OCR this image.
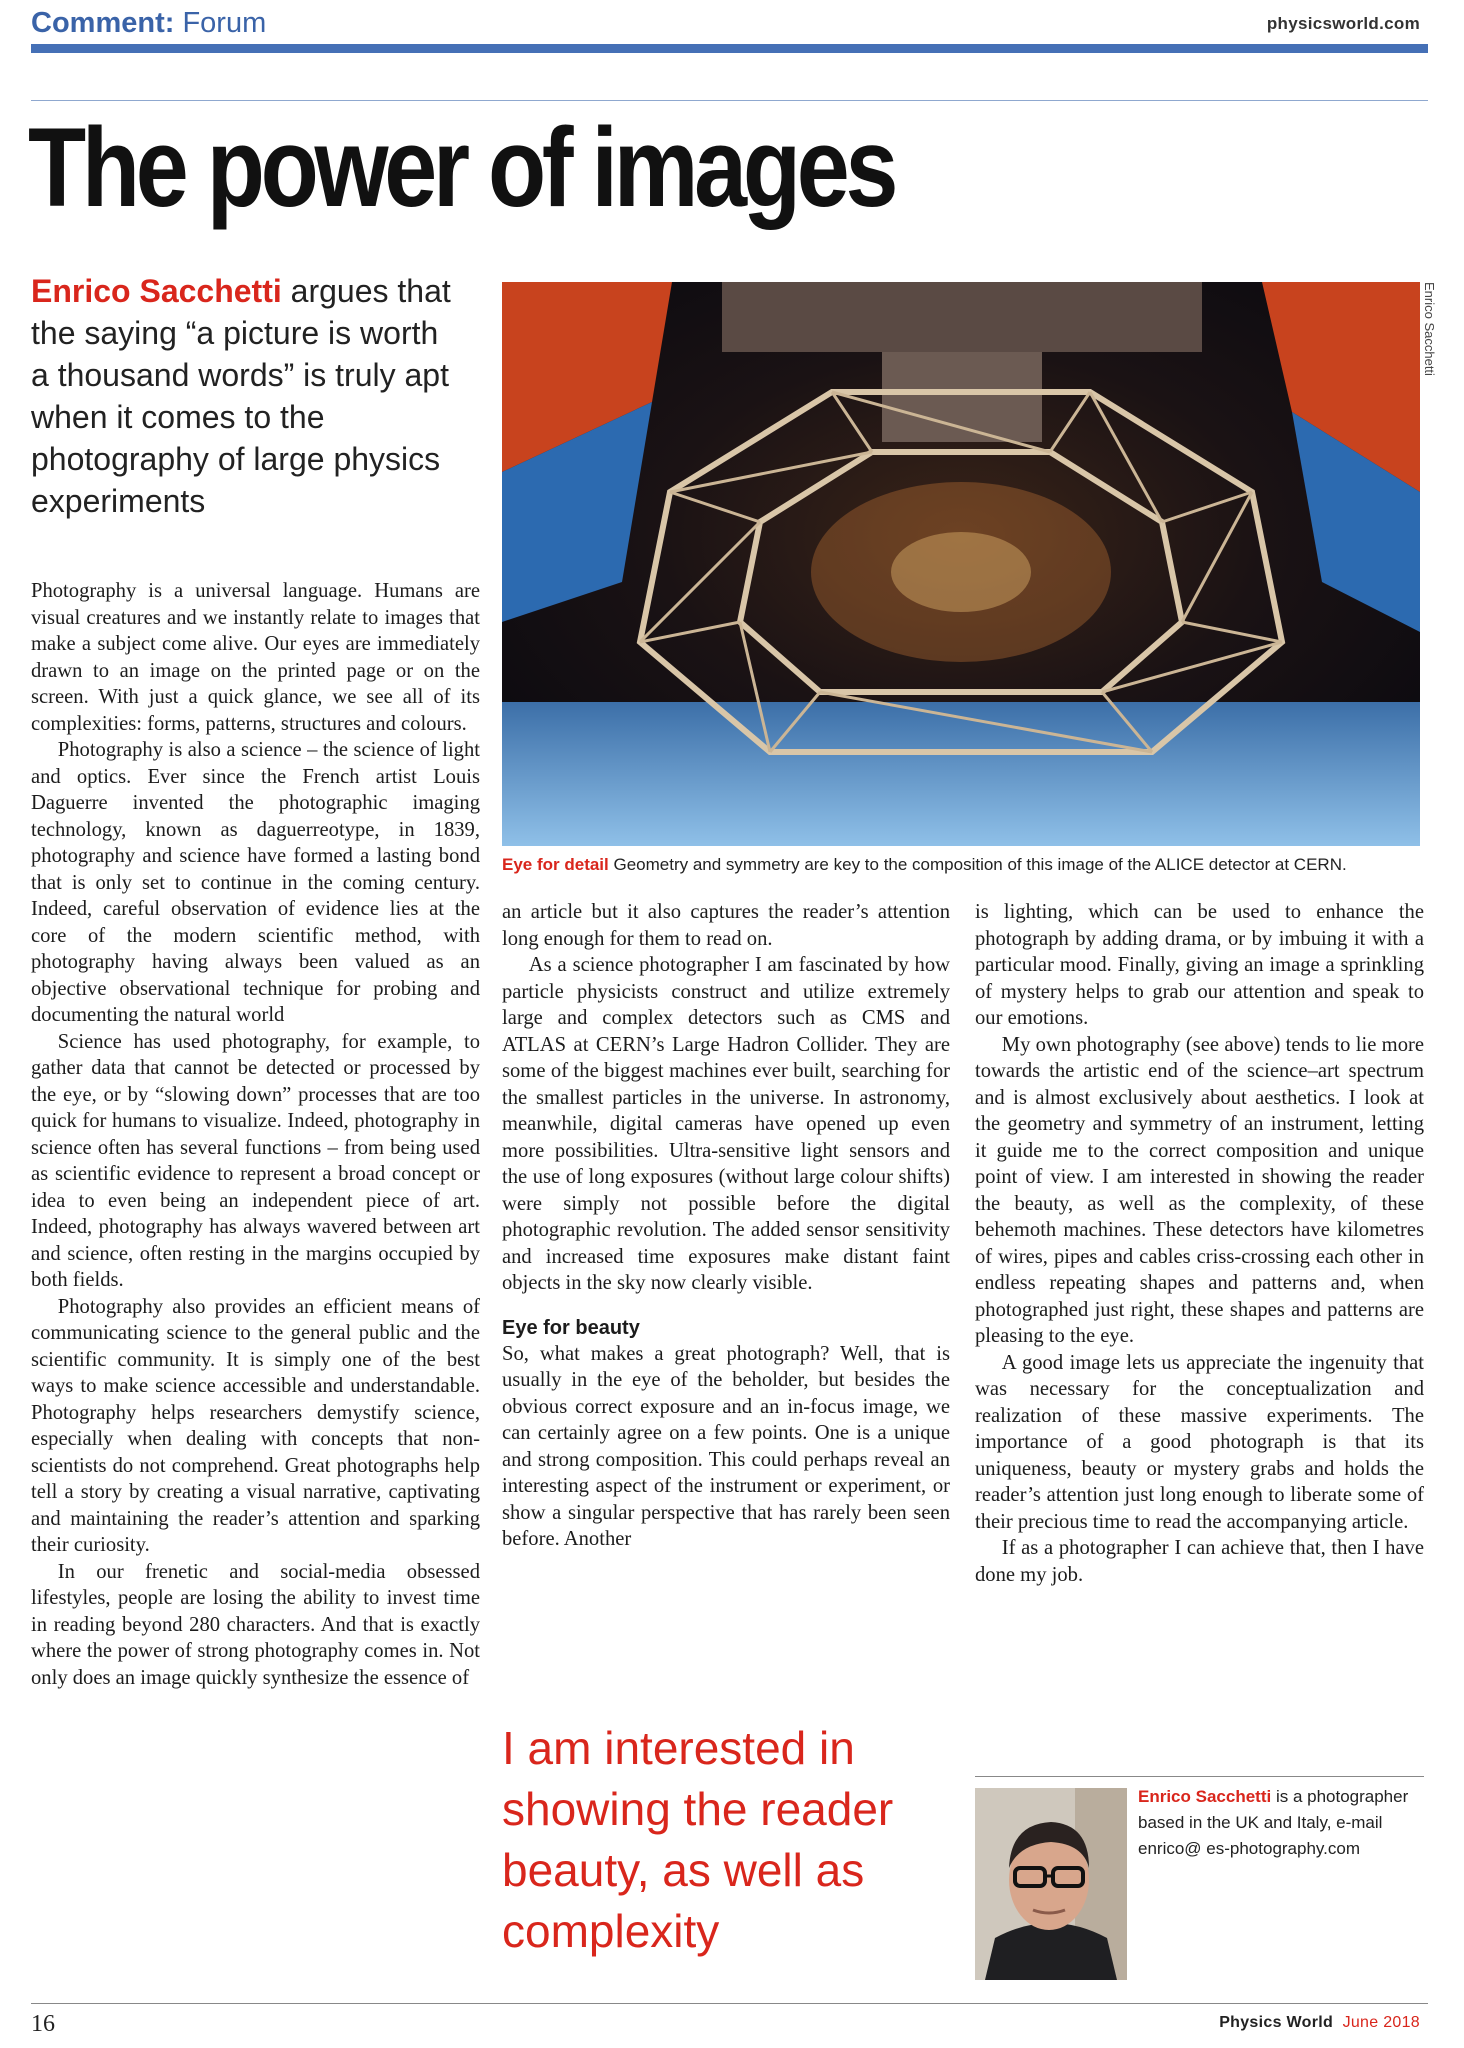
Comment: Forum	physicsworld.com
The power of images
Enrico Sacchetti argues that the saying “a picture is worth a thousand words” is truly apt when it comes to the photography of large physics experiments
Enrico Sacchetti
Eye for detail Geometry and symmetry are key to the composition of this image of the ALICE detector at CERN.

Photography is a universal language. Humans are visual creatures and we instantly relate to images that make a subject come alive. Our eyes are immediately drawn to an image on the printed page or on the screen. With just a quick glance, we see all of its complexities: forms, patterns, structures and colours.

Photography is also a science – the science of light and optics. Ever since the French artist Louis Daguerre invented the photographic imaging technology, known as daguerreotype, in 1839, photography and science have formed a lasting bond that is only set to continue in the coming century. Indeed, careful observation of evidence lies at the core of the modern scientific method, with photography having always been valued as an objective observational technique for probing and documenting the natural world

Science has used photography, for example, to gather data that cannot be detected or processed by the eye, or by “slowing down” processes that are too quick for humans to visualize. Indeed, photography in science often has several functions – from being used as scientific evidence to represent a broad concept or idea to even being an independent piece of art. Indeed, photography has always wavered between art and science, often resting in the margins occupied by both fields.

Photography also provides an efficient means of communicating science to the general public and the scientific community. It is simply one of the best ways to make science accessible and understandable. Photography helps researchers demystify science, especially when dealing with concepts that non-scientists do not comprehend. Great photographs help tell a story by creating a visual narrative, captivating and maintaining the reader’s attention and sparking their curiosity.

In our frenetic and social-media obsessed lifestyles, people are losing the ability to invest time in reading beyond 280 characters. And that is exactly where the power of strong photography comes in. Not only does an image quickly synthesize the essence of

an article but it also captures the reader’s attention long enough for them to read on.

As a science photographer I am fascinated by how particle physicists construct and utilize extremely large and complex detectors such as CMS and ATLAS at CERN’s Large Hadron Collider. They are some of the biggest machines ever built, searching for the smallest particles in the universe. In astronomy, meanwhile, digital cameras have opened up even more possibilities. Ultra-sensitive light sensors and the use of long exposures (without large colour shifts) were simply not possible before the digital photographic revolution. The added sensor sensitivity and increased time exposures make distant faint objects in the sky now clearly visible.

Eye for beauty

So, what makes a great photograph? Well, that is usually in the eye of the beholder, but besides the obvious correct exposure and an in-focus image, we can certainly agree on a few points. One is a unique and strong composition. This could perhaps reveal an interesting aspect of the instrument or experiment, or show a singular perspective that has rarely been seen before. Another

I am interested in showing the reader beauty, as well as complexity

is lighting, which can be used to enhance the photograph by adding drama, or by imbuing it with a particular mood. Finally, giving an image a sprinkling of mystery helps to grab our attention and speak to our emotions.

My own photography (see above) tends to lie more towards the artistic end of the science–art spectrum and is almost exclusively about aesthetics. I look at the geometry and symmetry of an instrument, letting it guide me to the correct composition and unique point of view. I am interested in showing the reader the beauty, as well as the complexity, of these behemoth machines. These detectors have kilometres of wires, pipes and cables criss-crossing each other in endless repeating shapes and patterns and, when photographed just right, these shapes and patterns are pleasing to the eye.

A good image lets us appreciate the ingenuity that was necessary for the conceptualization and realization of these massive experiments. The importance of a good photograph is that its uniqueness, beauty or mystery grabs and holds the reader’s attention just long enough to liberate some of their precious time to read the accompanying article.

If as a photographer I can achieve that, then I have done my job.

Enrico Sacchetti is a photographer based in the UK and Italy, e-mail enrico@ es-photography.com
16	Physics World June 2018
